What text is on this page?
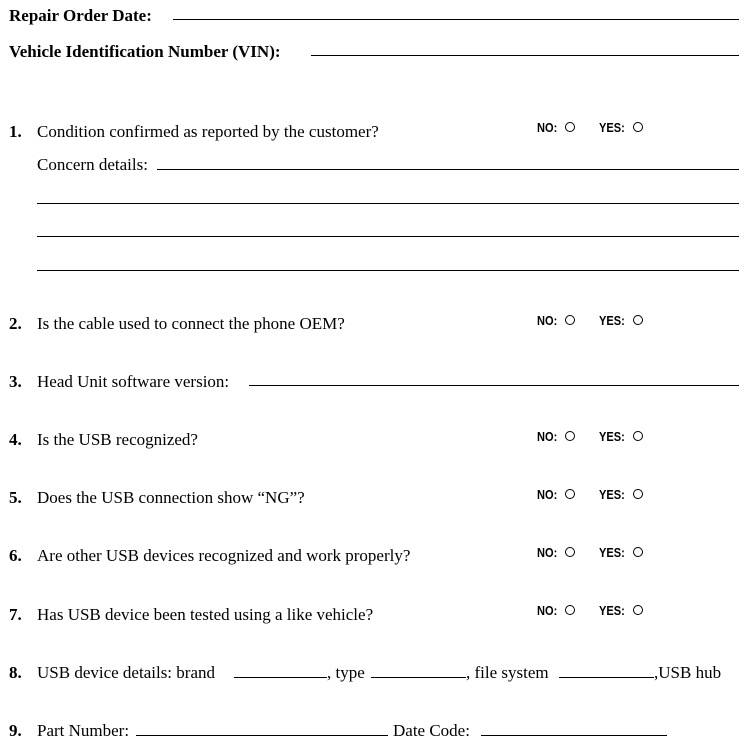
Repair Order Date:
Vehicle Identification Number (VIN):
1. Condition confirmed as reported by the customer?	NO:	YES:
Concern details:
2. Is the cable used to connect the phone OEM?	NO:	YES:
3. Head Unit software version:
4. Is the USB recognized?	NO:	YES:
5. Does the USB connection show “NG”?	NO:	YES:
6. Are other USB devices recognized and work properly?	NO:	YES:
7. Has USB device been tested using a like vehicle?	NO:	YES:
8. USB device details: brand	, type	, file system	,USB hub
9. Part Number:	Date Code:
